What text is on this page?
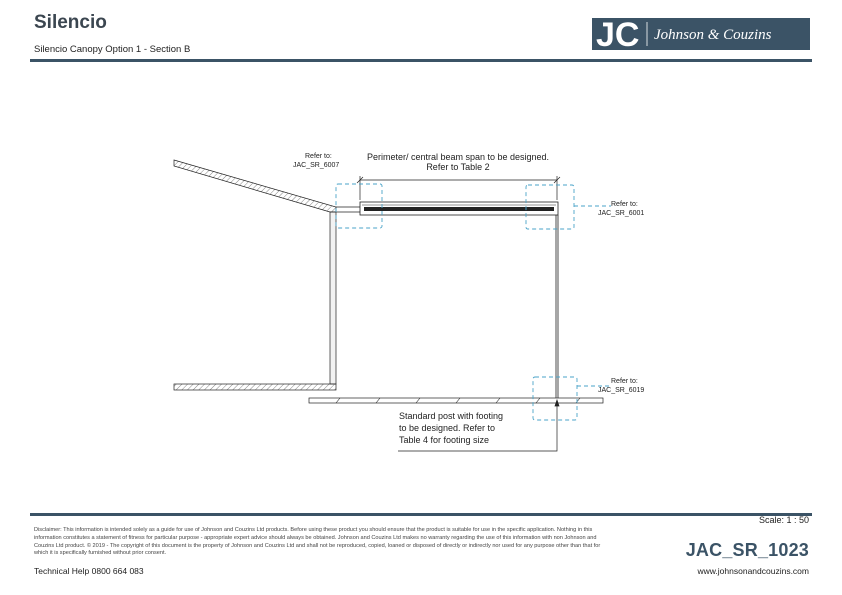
Silencio
Silencio Canopy Option 1 - Section B	JC Johnson & Couzins
Refer to:
JAC_SR_6007
Refer to:
JAC_SR_6001
Refer to:
JAC_SR_6019
Perimeter/ central beam span to be designed.
Refer to Table 2
Standard post with footing
to be designed. Refer to
Table 4 for footing size
Disclaimer: This information is intended solely as a guide for use of Johnson and Couzins Ltd products. Before using these product you should ensure that the product is suitable for use in the specific application. Nothing in this information constitutes a statement of fitness for particular purpose - appropriate expert advice should always be obtained. Johnson and Couzins Ltd makes no warranty regarding the use of this information with non Johnson and Couzins Ltd product. © 2019 - The copyright of this document is the property of Johnson and Couzins Ltd and shall not be reproduced, copied, loaned or disposed of directly or indirectly nor used for any purpose other than that for which it is specifically furnished without prior consent.
Technical Help 0800 664 083
Scale: 1 : 50
JAC_SR_1023
www.johnsonandcouzins.com
